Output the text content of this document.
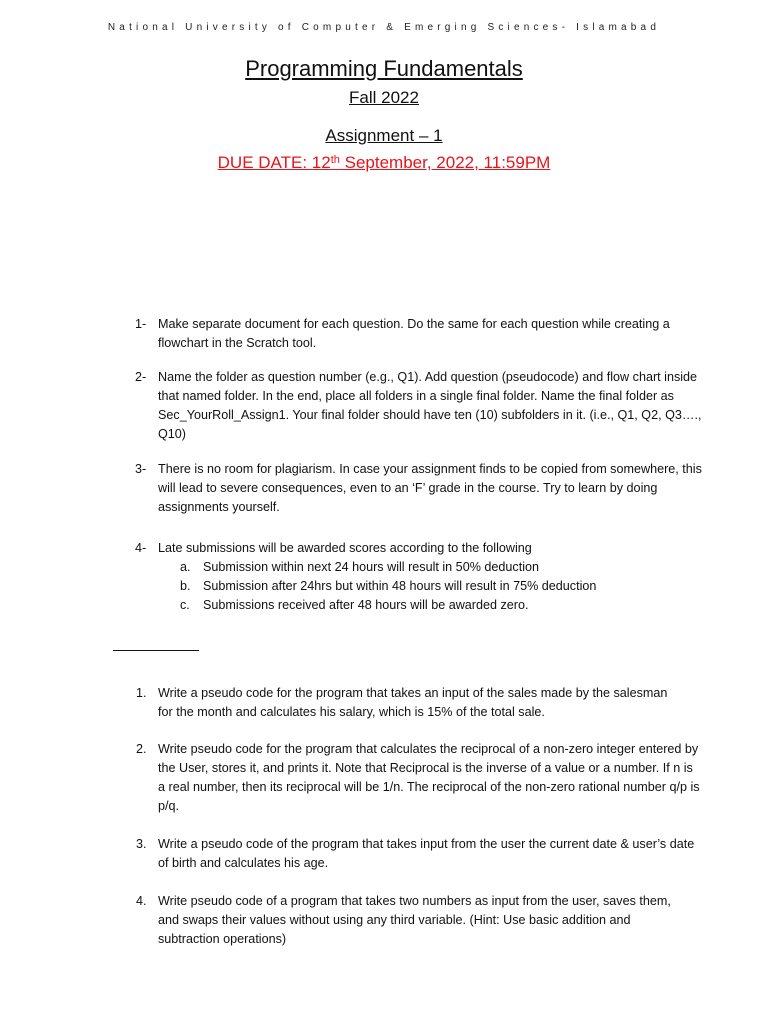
National University of Computer & Emerging Sciences- Islamabad
Programming Fundamentals
Fall 2022
Assignment – 1
DUE DATE: 12th September, 2022, 11:59PM
1- Make separate document for each question. Do the same for each question while creating a flowchart in the Scratch tool.
2- Name the folder as question number (e.g., Q1). Add question (pseudocode) and flow chart inside that named folder. In the end, place all folders in a single final folder. Name the final folder as Sec_YourRoll_Assign1. Your final folder should have ten (10) subfolders in it. (i.e., Q1, Q2, Q3…., Q10)
3- There is no room for plagiarism. In case your assignment finds to be copied from somewhere, this will lead to severe consequences, even to an ‘F’ grade in the course. Try to learn by doing assignments yourself.
4- Late submissions will be awarded scores according to the following
a. Submission within next 24 hours will result in 50% deduction
b. Submission after 24hrs but within 48 hours will result in 75% deduction
c. Submissions received after 48 hours will be awarded zero.
1. Write a pseudo code for the program that takes an input of the sales made by the salesman for the month and calculates his salary, which is 15% of the total sale.
2. Write pseudo code for the program that calculates the reciprocal of a non-zero integer entered by the User, stores it, and prints it. Note that Reciprocal is the inverse of a value or a number. If n is a real number, then its reciprocal will be 1/n. The reciprocal of the non-zero rational number q/p is p/q.
3. Write a pseudo code of the program that takes input from the user the current date & user’s date of birth and calculates his age.
4. Write pseudo code of a program that takes two numbers as input from the user, saves them, and swaps their values without using any third variable. (Hint: Use basic addition and subtraction operations)
